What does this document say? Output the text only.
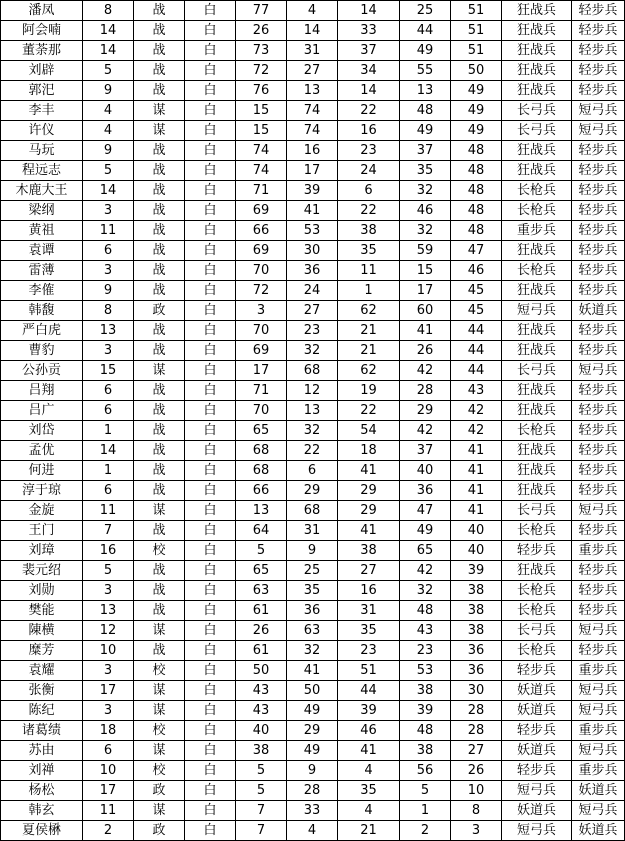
潘凤	8	战	白	77	4	14	25	51	狂战兵	轻步兵
阿会喃	14	战	白	26	14	33	44	51	狂战兵	轻步兵
董荼那	14	战	白	73	31	37	49	51	狂战兵	轻步兵
刘辟	5	战	白	72	27	34	55	50	狂战兵	轻步兵
郭汜	9	战	白	76	13	14	13	49	狂战兵	轻步兵
李丰	4	谋	白	15	74	22	48	49	长弓兵	短弓兵
许仪	4	谋	白	15	74	16	49	49	长弓兵	短弓兵
马玩	9	战	白	74	16	23	37	48	狂战兵	轻步兵
程远志	5	战	白	74	17	24	35	48	狂战兵	轻步兵
木鹿大王	14	战	白	71	39	6	32	48	长枪兵	轻步兵
梁纲	3	战	白	69	41	22	46	48	长枪兵	轻步兵
黄祖	11	战	白	66	53	38	32	48	重步兵	轻步兵
袁谭	6	战	白	69	30	35	59	47	狂战兵	轻步兵
雷薄	3	战	白	70	36	11	15	46	长枪兵	轻步兵
李傕	9	战	白	72	24	1	17	45	狂战兵	轻步兵
韩馥	8	政	白	3	27	62	60	45	短弓兵	妖道兵
严白虎	13	战	白	70	23	21	41	44	狂战兵	轻步兵
曹豹	3	战	白	69	32	21	26	44	狂战兵	轻步兵
公孙贡	15	谋	白	17	68	62	42	44	长弓兵	短弓兵
吕翔	6	战	白	71	12	19	28	43	狂战兵	轻步兵
吕广	6	战	白	70	13	22	29	42	狂战兵	轻步兵
刘岱	1	战	白	65	32	54	42	42	长枪兵	轻步兵
孟优	14	战	白	68	22	18	37	41	狂战兵	轻步兵
何进	1	战	白	68	6	41	40	41	狂战兵	轻步兵
淳于琼	6	战	白	66	29	29	36	41	狂战兵	轻步兵
金旋	11	谋	白	13	68	29	47	41	长弓兵	短弓兵
王门	7	战	白	64	31	41	49	40	长枪兵	轻步兵
刘璋	16	校	白	5	9	38	65	40	轻步兵	重步兵
裴元绍	5	战	白	65	25	27	42	39	狂战兵	轻步兵
刘勋	3	战	白	63	35	16	32	38	长枪兵	轻步兵
樊能	13	战	白	61	36	31	48	38	长枪兵	轻步兵
陳横	12	谋	白	26	63	35	43	38	长弓兵	短弓兵
糜芳	10	战	白	61	32	23	23	36	长枪兵	轻步兵
袁耀	3	校	白	50	41	51	53	36	轻步兵	重步兵
张衡	17	谋	白	43	50	44	38	30	妖道兵	短弓兵
陈纪	3	谋	白	43	49	39	39	28	妖道兵	短弓兵
诸葛绩	18	校	白	40	29	46	48	28	轻步兵	重步兵
苏由	6	谋	白	38	49	41	38	27	妖道兵	短弓兵
刘禅	10	校	白	5	9	4	56	26	轻步兵	重步兵
杨松	17	政	白	5	28	35	5	10	短弓兵	妖道兵
韩玄	11	谋	白	7	33	4	1	8	妖道兵	短弓兵
夏侯楙	2	政	白	7	4	21	2	3	短弓兵	妖道兵
